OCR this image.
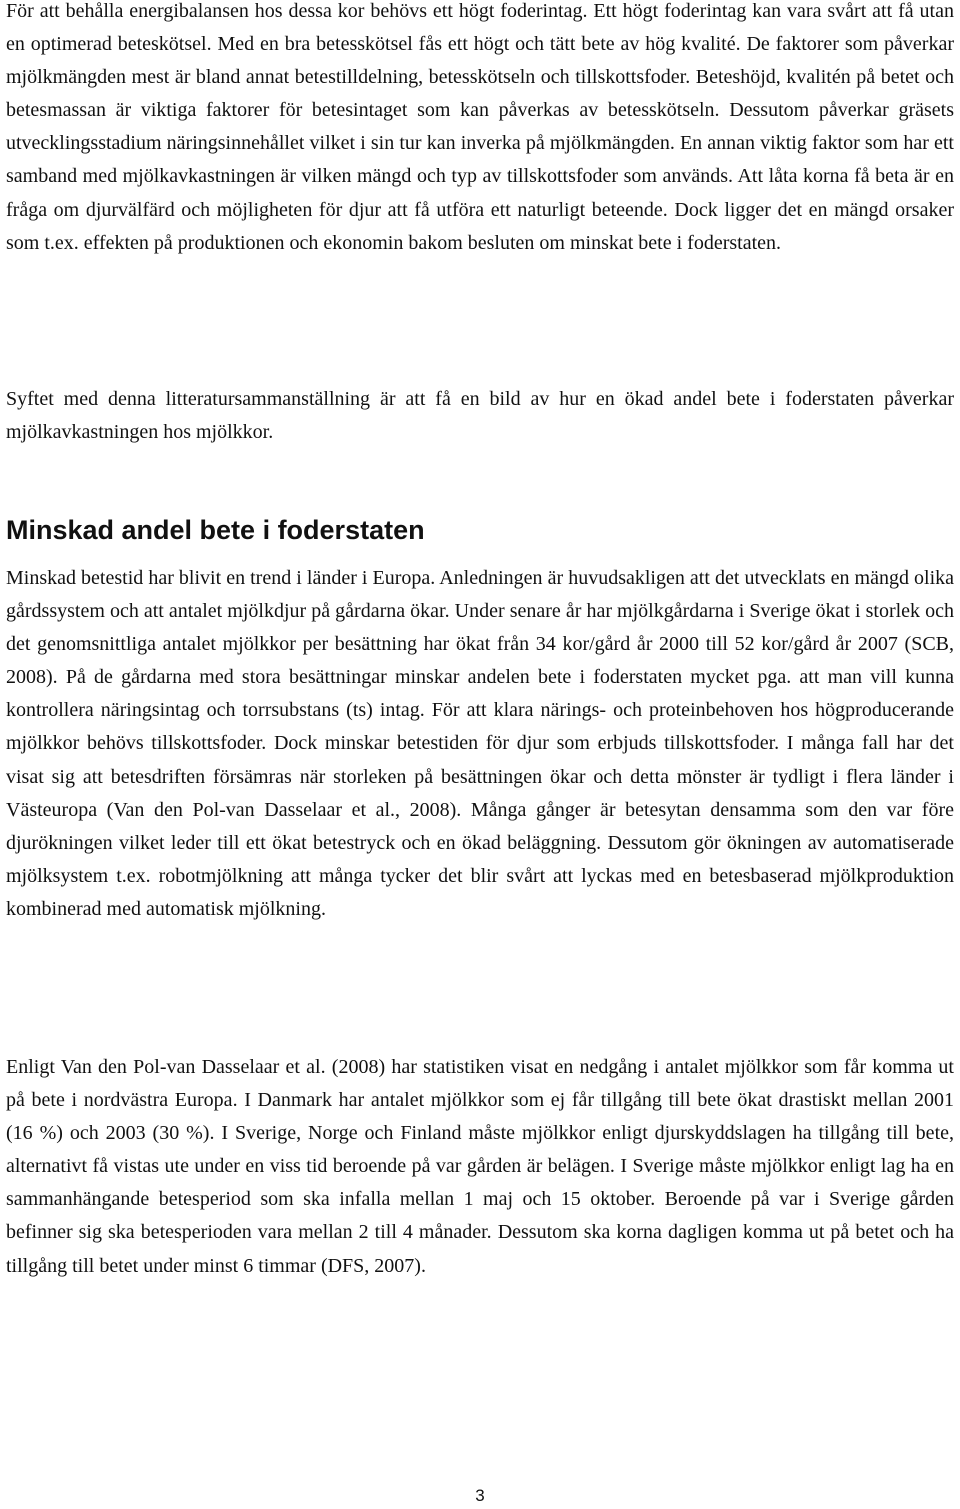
För att behålla energibalansen hos dessa kor behövs ett högt foderintag. Ett högt foderintag kan vara svårt att få utan en optimerad beteskötsel. Med en bra betesskötsel fås ett högt och tätt bete av hög kvalité. De faktorer som påverkar mjölkmängden mest är bland annat betestilldelning, betesskötseln och tillskottsfoder. Beteshöjd, kvalitén på betet och betesmassan är viktiga faktorer för betesintaget som kan påverkas av betesskötseln. Dessutom påverkar gräsets utvecklingsstadium näringsinnehållet vilket i sin tur kan inverka på mjölkmängden. En annan viktig faktor som har ett samband med mjölkavkastningen är vilken mängd och typ av tillskottsfoder som används. Att låta korna få beta är en fråga om djurvälfärd och möjligheten för djur att få utföra ett naturligt beteende. Dock ligger det en mängd orsaker som t.ex. effekten på produktionen och ekonomin bakom besluten om minskat bete i foderstaten.

Syftet med denna litteratursammanställning är att få en bild av hur en ökad andel bete i foderstaten påverkar mjölkavkastningen hos mjölkkor.

Minskad andel bete i foderstaten

Minskad betestid har blivit en trend i länder i Europa. Anledningen är huvudsakligen att det utvecklats en mängd olika gårdssystem och att antalet mjölkdjur på gårdarna ökar. Under senare år har mjölkgårdarna i Sverige ökat i storlek och det genomsnittliga antalet mjölkkor per besättning har ökat från 34 kor/gård år 2000 till 52 kor/gård år 2007 (SCB, 2008). På de gårdarna med stora besättningar minskar andelen bete i foderstaten mycket pga. att man vill kunna kontrollera näringsintag och torrsubstans (ts) intag. För att klara närings- och proteinbehoven hos högproducerande mjölkkor behövs tillskottsfoder. Dock minskar betestiden för djur som erbjuds tillskottsfoder. I många fall har det visat sig att betesdriften försämras när storleken på besättningen ökar och detta mönster är tydligt i flera länder i Västeuropa (Van den Pol-van Dasselaar et al., 2008). Många gånger är betesytan densamma som den var före djurökningen vilket leder till ett ökat betestryck och en ökad beläggning. Dessutom gör ökningen av automatiserade mjölksystem t.ex. robotmjölkning att många tycker det blir svårt att lyckas med en betesbaserad mjölkproduktion kombinerad med automatisk mjölkning.

Enligt Van den Pol-van Dasselaar et al. (2008) har statistiken visat en nedgång i antalet mjölkkor som får komma ut på bete i nordvästra Europa. I Danmark har antalet mjölkkor som ej får tillgång till bete ökat drastiskt mellan 2001 (16 %) och 2003 (30 %). I Sverige, Norge och Finland måste mjölkkor enligt djurskyddslagen ha tillgång till bete, alternativt få vistas ute under en viss tid beroende på var gården är belägen. I Sverige måste mjölkkor enligt lag ha en sammanhängande betesperiod som ska infalla mellan 1 maj och 15 oktober. Beroende på var i Sverige gården befinner sig ska betesperioden vara mellan 2 till 4 månader. Dessutom ska korna dagligen komma ut på betet och ha tillgång till betet under minst 6 timmar (DFS, 2007).

3
